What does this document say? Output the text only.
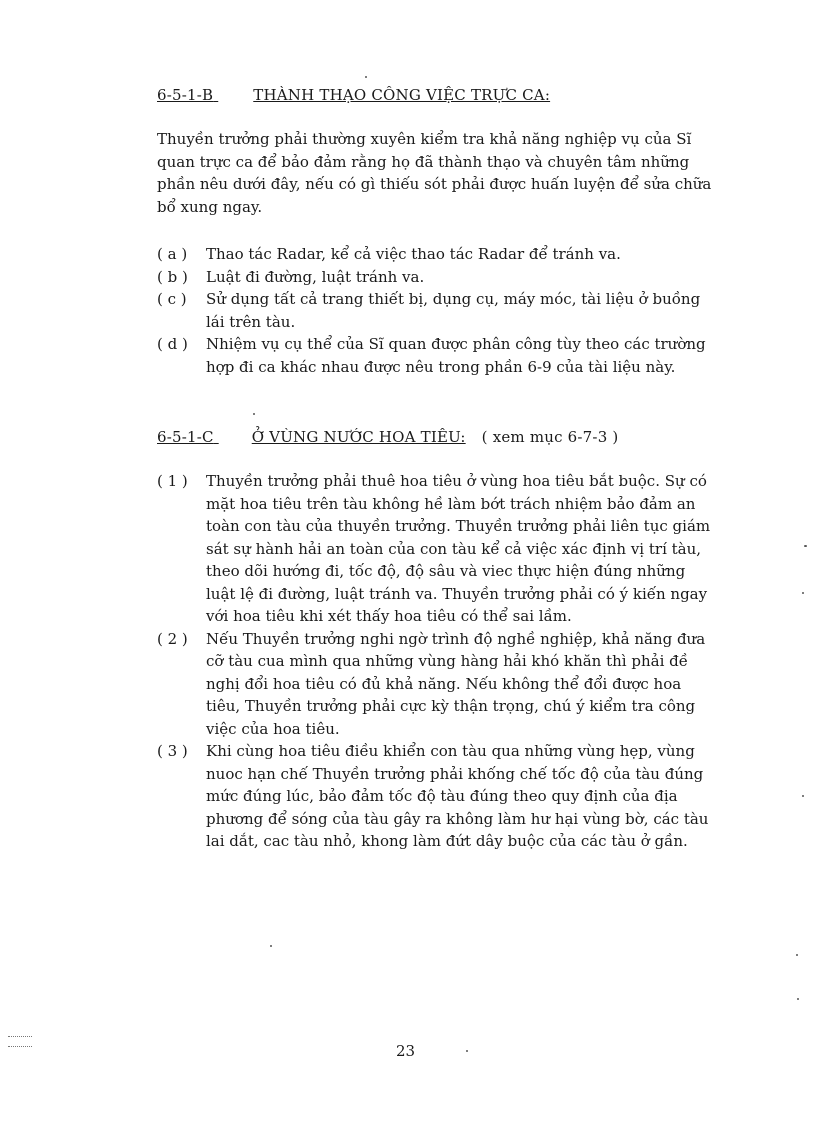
6-5-1-B	THÀNH THẠO CÔNG VIỆC TRỰC CA:
Thuyền trưởng phải thường xuyên kiểm tra khả năng nghiệp vụ của Sĩ quan trực ca để bảo đảm rằng họ đã thành thạo và chuyên tâm những phần nêu dưới đây, nếu có gì thiếu sót phải được huấn luyện để sửa chữa bổ xung ngay.
( a ) Thao tác Radar, kể cả việc thao tác Radar để tránh va.
( b ) Luật đi đường, luật tránh va.
( c ) Sử dụng tất cả trang thiết bị, dụng cụ, máy móc, tài liệu ở buồng lái trên tàu.
( d ) Nhiệm vụ cụ thể của Sĩ quan được phân công tùy theo các trường hợp đi ca khác nhau được nêu trong phần 6-9 của tài liệu này.
6-5-1-C	Ở VÙNG NƯỚC HOA TIÊU: ( xem mục 6-7-3 )
( 1 ) Thuyền trưởng phải thuê hoa tiêu ở vùng hoa tiêu bắt buộc. Sự có mặt hoa tiêu trên tàu không hề làm bớt trách nhiệm bảo đảm an toàn con tàu của thuyền trưởng. Thuyền trưởng phải liên tục giám sát sự hành hải an toàn của con tàu kể cả việc xác định vị trí tàu, theo dõi hướng đi, tốc độ, độ sâu và viec thực hiện đúng những luật lệ đi đường, luật tránh va. Thuyền trưởng phải có ý kiến ngay với hoa tiêu khi xét thấy hoa tiêu có thể sai lầm.
( 2 ) Nếu Thuyền trưởng nghi ngờ trình độ nghề nghiệp, khả năng đưa cỡ tàu cua mình qua những vùng hàng hải khó khăn thì phải đề nghị đổi hoa tiêu có đủ khả năng. Nếu không thể đổi được hoa tiêu, Thuyền trưởng phải cực kỳ thận trọng, chú ý kiểm tra công việc của hoa tiêu.
( 3 ) Khi cùng hoa tiêu điều khiển con tàu qua những vùng hẹp, vùng nuoc hạn chế Thuyền trưởng phải khống chế tốc độ của tàu đúng mức đúng lúc, bảo đảm tốc độ tàu đúng theo quy định của địa phương để sóng của tàu gây ra không làm hư hại vùng bờ, các tàu lai dắt, cac tàu nhỏ, khong làm đứt dây buộc của các tàu ở gần.
23
